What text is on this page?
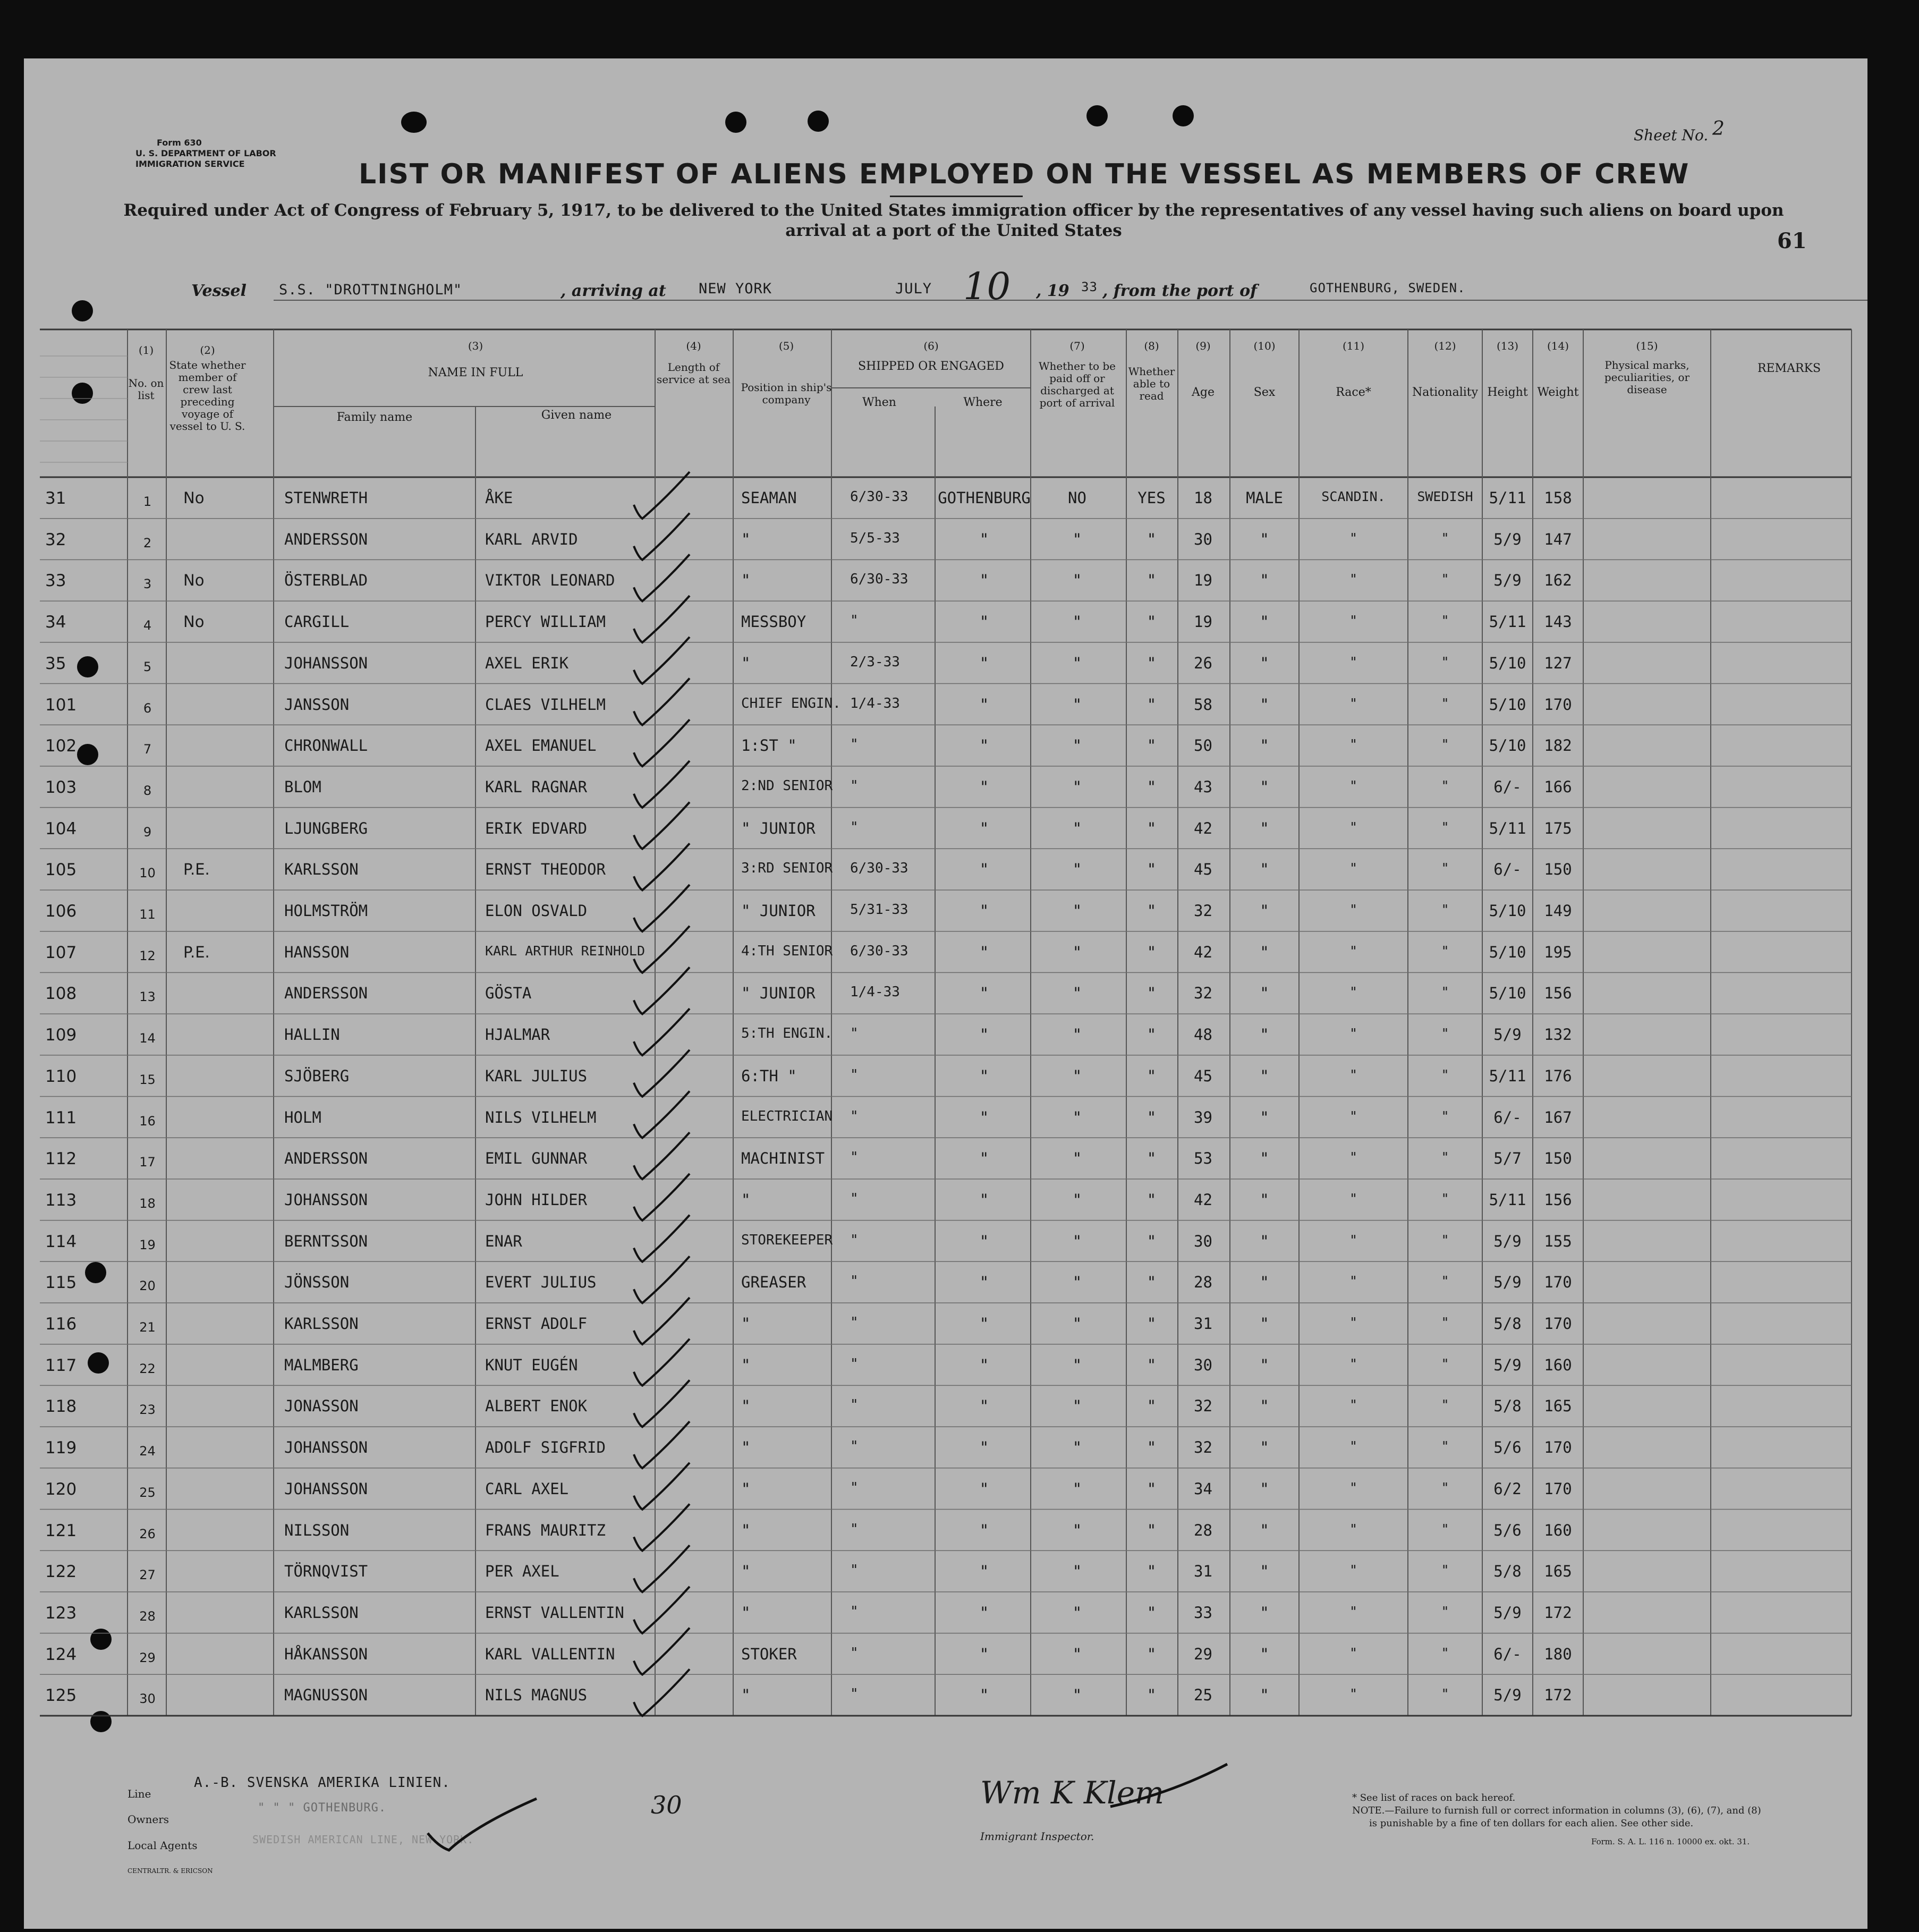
Form 630
U. S. DEPARTMENT OF LABOR
IMMIGRATION SERVICE
Sheet No. 2
LIST OR MANIFEST OF ALIENS EMPLOYED ON THE VESSEL AS MEMBERS OF CREW
Required under Act of Congress of February 5, 1917, to be delivered to the United States immigration officer by the representatives of any vessel having such aliens on board upon
arrival at a port of the United States	61
Vessel S.S. "DROTTNINGHOLM"	, arriving at NEW YORK	JULY 10 , 19 33 , from the port of	GOTHENBURG, SWEDEN.
(1)
No. on list
(2)
State whether member of crew last preceding voyage of vessel to U. S.
(3)
NAME IN FULL
Family name	Given name
(4)
Length of service at sea
(5)
Position in ship's company
(6)
SHIPPED OR ENGAGED
When	Where
(7)
Whether to be paid off or discharged at port of arrival
(8)
Whether able to read
(9)
Age
(10)
Sex
(11)
Race*
(12)
Nationality
(13)
Height
(14)
Weight
(15)
Physical marks, peculiarities, or disease
REMARKS
31	1	No	STENWRETH	ÅKE	SEAMAN	6/30-33 GOTHENBURG	NO	YES	18	MALE	SCANDIN.	SWEDISH	5/11	158
32	2	ANDERSSON	KARL ARVID	"	5/5-33	"	"	"	30	"	"	"	5/9	147
33	3	No	ÖSTERBLAD	VIKTOR LEONARD	"	6/30-33	"	"	"	19	"	"	"	5/9	162
34	4	No	CARGILL	PERCY WILLIAM	MESSBOY	"	"	"	"	19	"	"	"	5/11	143
35	5	JOHANSSON	AXEL ERIK	"	2/3-33	"	"	"	26	"	"	"	5/10	127
101	6	JANSSON	CLAES VILHELM	CHIEF ENGIN. 1/4-33	"	"	"	58	"	"	"	5/10	170
102	7	CHRONWALL	AXEL EMANUEL	1:ST "	"	"	"	"	50	"	"	"	5/10	182
103	8	BLOM	KARL RAGNAR	2:ND SENIOR "	"	"	"	43	"	"	"	6/-	166
104	9	LJUNGBERG	ERIK EDVARD	" JUNIOR	"	"	"	"	42	"	"	"	5/11	175
105	10	P.E.	KARLSSON	ERNST THEODOR	3:RD SENIOR 6/30-33	"	"	"	45	"	"	"	6/-	150
106	11	HOLMSTRÖM	ELON OSVALD	" JUNIOR	5/31-33	"	"	"	32	"	"	"	5/10	149
107	12	P.E.	HANSSON	KARL ARTHUR REINHOLD	4:TH SENIOR 6/30-33	"	"	"	42	"	"	"	5/10	195
108	13	ANDERSSON	GÖSTA	" JUNIOR	1/4-33	"	"	"	32	"	"	"	5/10	156
109	14	HALLIN	HJALMAR	5:TH ENGIN. "	"	"	"	48	"	"	"	5/9	132
110	15	SJÖBERG	KARL JULIUS	6:TH "	"	"	"	"	45	"	"	"	5/11	176
111	16	HOLM	NILS VILHELM	ELECTRICIAN "	"	"	"	39	"	"	"	6/-	167
112	17	ANDERSSON	EMIL GUNNAR	MACHINIST "	"	"	"	53	"	"	"	5/7	150
113	18	JOHANSSON	JOHN HILDER	"	"	"	"	"	42	"	"	"	5/11	156
114	19	BERNTSSON	ENAR	STOREKEEPER "	"	"	"	30	"	"	"	5/9	155
115	20	JÖNSSON	EVERT JULIUS	GREASER	"	"	"	"	28	"	"	"	5/9	170
116	21	KARLSSON	ERNST ADOLF	"	"	"	"	"	31	"	"	"	5/8	170
117	22	MALMBERG	KNUT EUGÉN	"	"	"	"	"	30	"	"	"	5/9	160
118	23	JONASSON	ALBERT ENOK	"	"	"	"	"	32	"	"	"	5/8	165
119	24	JOHANSSON	ADOLF SIGFRID	"	"	"	"	"	32	"	"	"	5/6	170
120	25	JOHANSSON	CARL AXEL	"	"	"	"	"	34	"	"	"	6/2	170
121	26	NILSSON	FRANS MAURITZ	"	"	"	"	"	28	"	"	"	5/6	160
122	27	TÖRNQVIST	PER AXEL	"	"	"	"	"	31	"	"	"	5/8	165
123	28	KARLSSON	ERNST VALLENTIN	"	"	"	"	"	33	"	"	"	5/9	172
124	29	HÅKANSSON	KARL VALLENTIN	STOKER	"	"	"	"	29	"	"	"	6/-	180
125	30	MAGNUSSON	NILS MAGNUS	"	"	"	"	"	25	"	"	"	5/9	172
Line
A.-B. SVENSKA AMERIKA LINIEN.
Owners
" " " GOTHENBURG.
Local Agents	SWEDISH AMERICAN LINE, NEW YORK.
30	Wm K Klem
Immigrant Inspector.
* See list of races on back hereof.
NOTE.—Failure to furnish full or correct information in columns (3), (6), (7), and (8)
is punishable by a fine of ten dollars for each alien. See other side.
Form. S. A. L. 116 n. 10000 ex. okt. 31.
CENTRALTR. & ERICSON
